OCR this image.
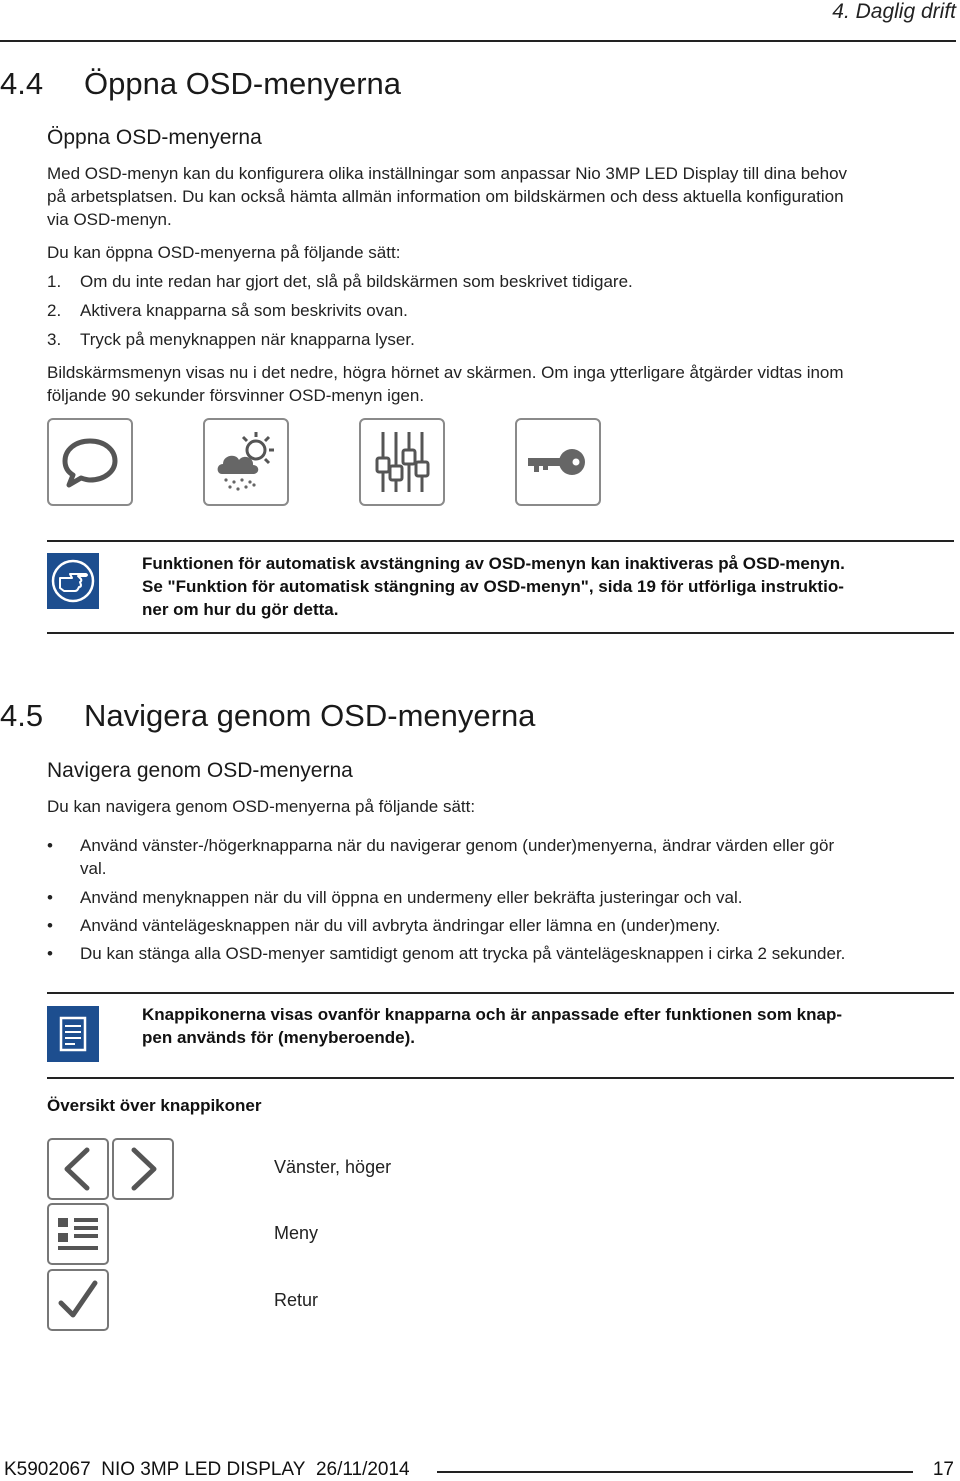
4. Daglig drift
4.4 Öppna OSD-menyerna
Öppna OSD-menyerna
Med OSD-menyn kan du konfigurera olika inställningar som anpassar Nio 3MP LED Display till dina behov
på arbetsplatsen. Du kan också hämta allmän information om bildskärmen och dess aktuella konfiguration
via OSD-menyn.
Du kan öppna OSD-menyerna på följande sätt:
1. Om du inte redan har gjort det, slå på bildskärmen som beskrivet tidigare.
2. Aktivera knapparna så som beskrivits ovan.
3. Tryck på menyknappen när knapparna lyser.
Bildskärmsmenyn visas nu i det nedre, högra hörnet av skärmen. Om inga ytterligare åtgärder vidtas inom
följande 90 sekunder försvinner OSD-menyn igen.
Funktionen för automatisk avstängning av OSD-menyn kan inaktiveras på OSD-menyn.
Se "Funktion för automatisk stängning av OSD-menyn", sida 19 för utförliga instruktio-
ner om hur du gör detta.
4.5 Navigera genom OSD-menyerna
Navigera genom OSD-menyerna
Du kan navigera genom OSD-menyerna på följande sätt:
• Använd vänster-/högerknapparna när du navigerar genom (under)menyerna, ändrar värden eller gör
val.
• Använd menyknappen när du vill öppna en undermeny eller bekräfta justeringar och val.
• Använd väntelägesknappen när du vill avbryta ändringar eller lämna en (under)meny.
• Du kan stänga alla OSD-menyer samtidigt genom att trycka på väntelägesknappen i cirka 2 sekunder.
Knappikonerna visas ovanför knapparna och är anpassade efter funktionen som knap-
pen används för (menyberoende).
Översikt över knappikoner
Vänster, höger
Meny
Retur
K5902067 NIO 3MP LED DISPLAY 26/11/2014	17
